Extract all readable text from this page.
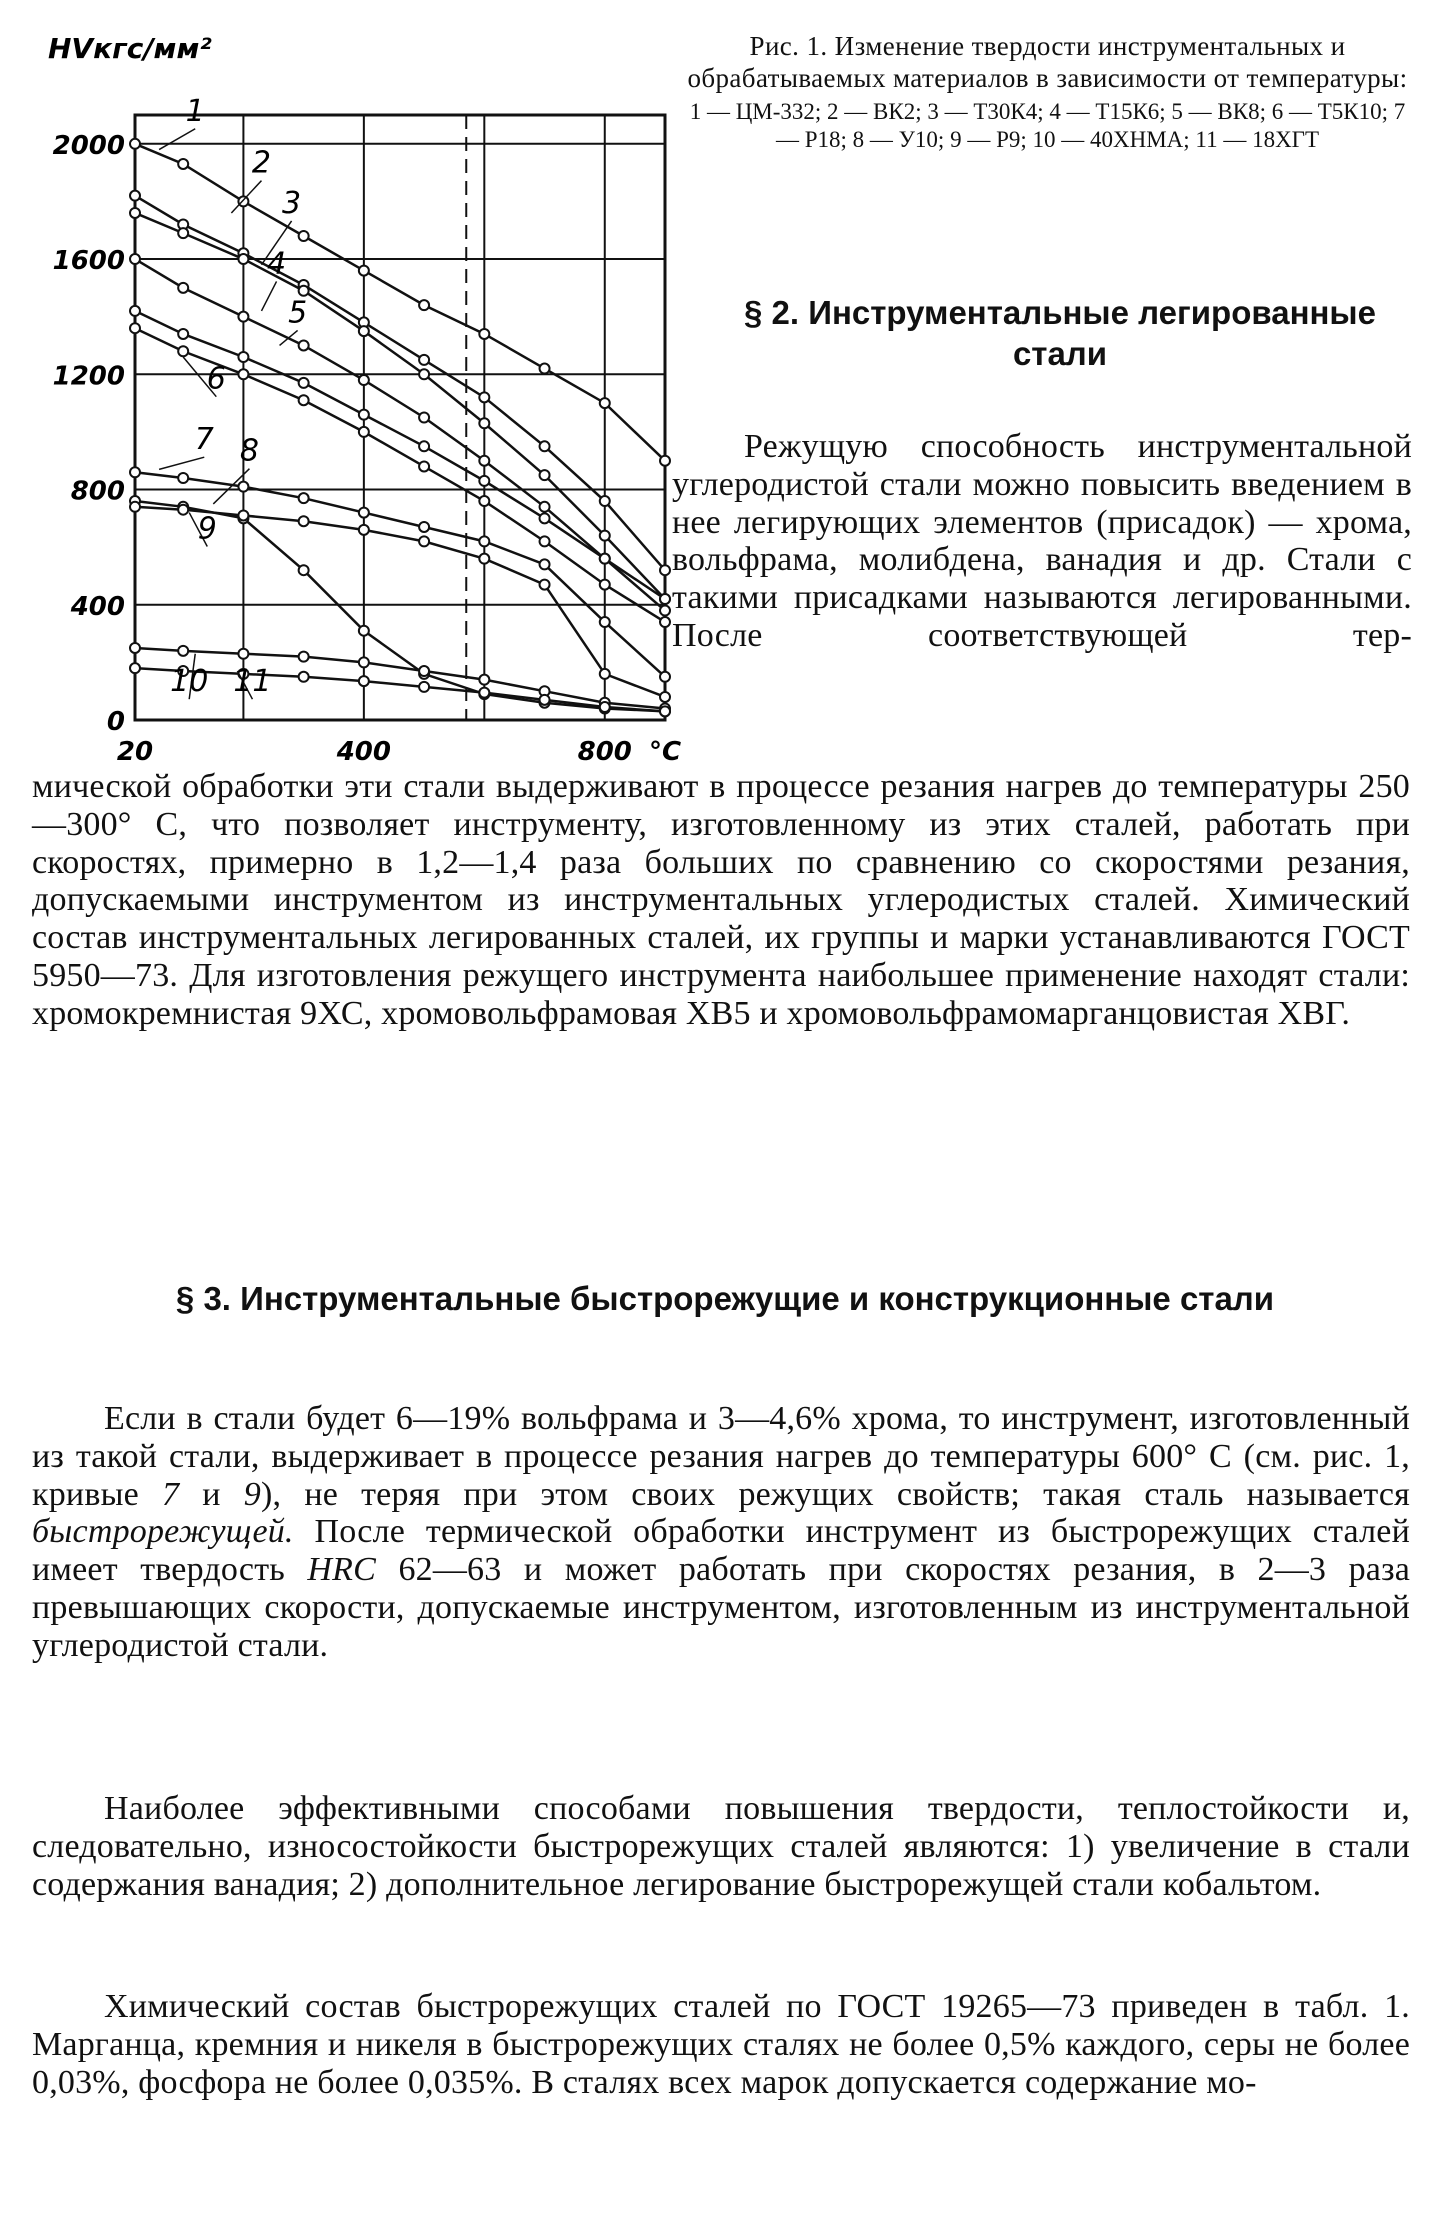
HVкгс/мм²
2000
1600
1200
800
400
0
20	400	800 °C
1
2
3
4
5
6
7 8
9
10 11

Рис. 1. Изменение твердости инструментальных и обрабатываемых материалов в зависимости от температуры:

1 — ЦМ-332; 2 — ВК2; 3 — Т30К4; 4 — Т15К6; 5 — ВК8; 6 — Т5К10; 7 — Р18; 8 — У10; 9 — Р9; 10 — 40ХНМА; 11 — 18ХГТ

§ 2. Инструментальные легированные стали

Режущую способность инструментальной углеродистой стали можно повысить введением в нее легирующих элементов (присадок) — хрома, вольфрама, молибдена, ванадия и др. Стали с такими присадками называются легированными. После соответствующей тер-

мической обработки эти стали выдерживают в процессе резания нагрев до температуры 250—300° С, что позволяет инструменту, изготовленному из этих сталей, работать при скоростях, примерно в 1,2—1,4 раза больших по сравнению со скоростями резания, допускаемыми инструментом из инструментальных углеродистых сталей. Химический состав инструментальных легированных сталей, их группы и марки устанавливаются ГОСТ 5950—73. Для изготовления режущего инструмента наибольшее применение находят стали: хромокремнистая 9ХС, хромовольфрамовая ХВ5 и хромовольфрамомарганцовистая ХВГ.

§ 3. Инструментальные быстрорежущие и конструкционные стали

Если в стали будет 6—19% вольфрама и 3—4,6% хрома, то инструмент, изготовленный из такой стали, выдерживает в процессе резания нагрев до температуры 600° С (см. рис. 1, кривые 7 и 9), не теряя при этом своих режущих свойств; такая сталь называется быстрорежущей. После термической обработки инструмент из быстрорежущих сталей имеет твердость HRC 62—63 и может работать при скоростях резания, в 2—3 раза превышающих скорости, допускаемые инструментом, изготовленным из инструментальной углеродистой стали.

Наиболее эффективными способами повышения твердости, теплостойкости и, следовательно, износостойкости быстрорежущих сталей являются: 1) увеличение в стали содержания ванадия; 2) дополнительное легирование быстрорежущей стали кобальтом.

Химический состав быстрорежущих сталей по ГОСТ 19265—73 приведен в табл. 1. Марганца, кремния и никеля в быстрорежущих сталях не более 0,5% каждого, серы не более 0,03%, фосфора не более 0,035%. В сталях всех марок допускается содержание мо-
